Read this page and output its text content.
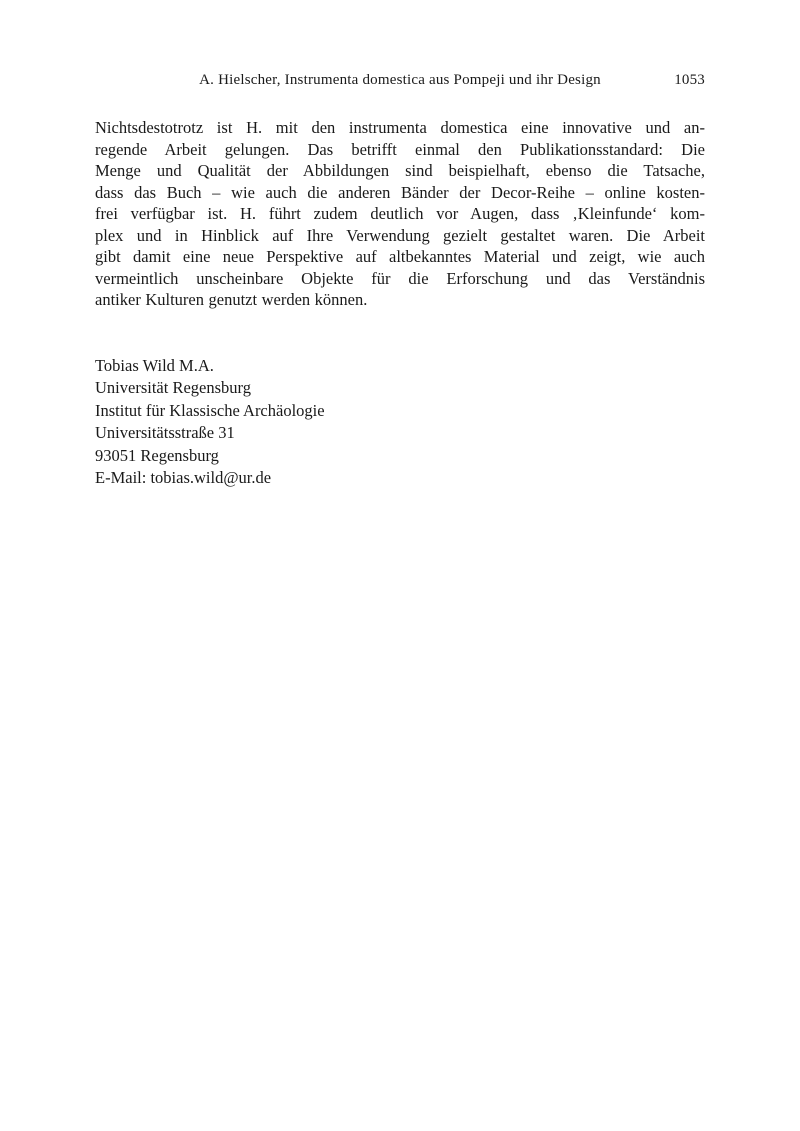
A. Hielscher, Instrumenta domestica aus Pompeji und ihr Design	1053
Nichtsdestotrotz ist H. mit den instrumenta domestica eine innovative und an-
regende Arbeit gelungen. Das betrifft einmal den Publikationsstandard: Die
Menge und Qualität der Abbildungen sind beispielhaft, ebenso die Tatsache,
dass das Buch – wie auch die anderen Bänder der Decor-Reihe – online kosten-
frei verfügbar ist. H. führt zudem deutlich vor Augen, dass ‚Kleinfunde‘ kom-
plex und in Hinblick auf Ihre Verwendung gezielt gestaltet waren. Die Arbeit
gibt damit eine neue Perspektive auf altbekanntes Material und zeigt, wie auch
vermeintlich unscheinbare Objekte für die Erforschung und das Verständnis
antiker Kulturen genutzt werden können.
Tobias Wild M.A.
Universität Regensburg
Institut für Klassische Archäologie
Universitätsstraße 31
93051 Regensburg
E-Mail: tobias.wild@ur.de
